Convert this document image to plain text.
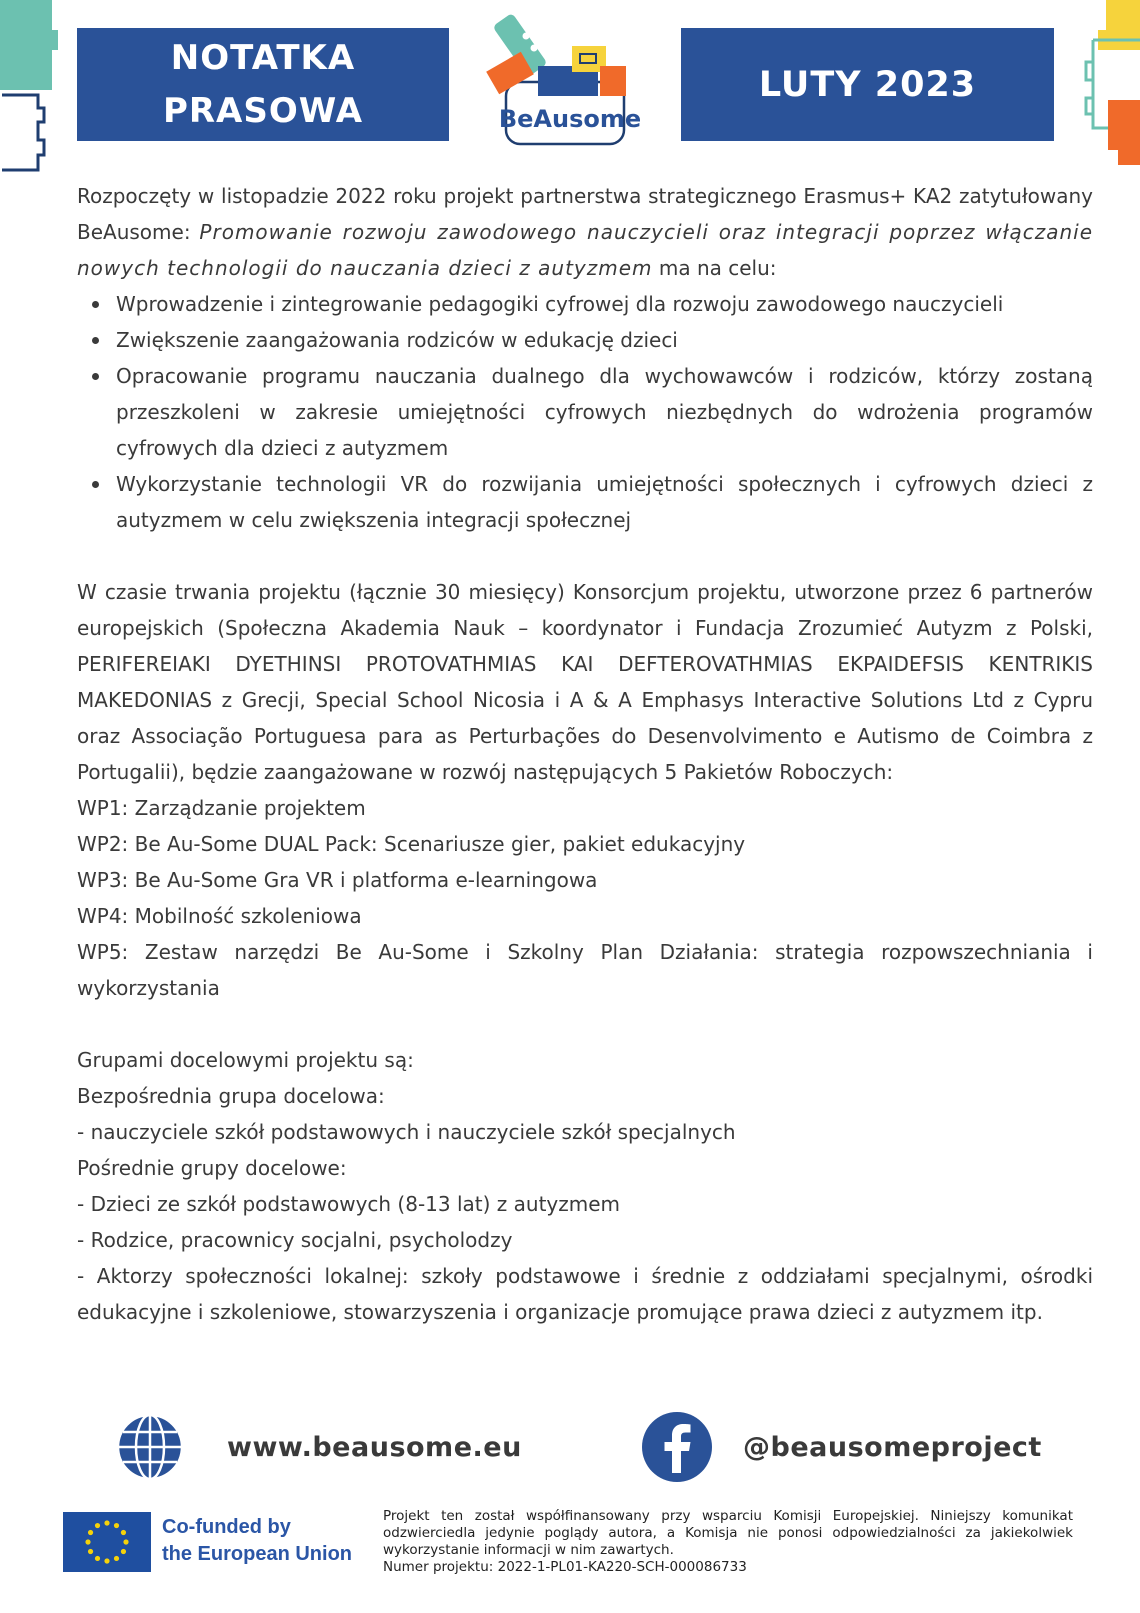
NOTATKA
PRASOWA	BeAusome
LUTY 2023

Rozpoczęty w listopadzie 2022 roku projekt partnerstwa strategicznego Erasmus+ KA2 zatytułowany BeAusome: Promowanie rozwoju zawodowego nauczycieli oraz integracji poprzez włączanie nowych technologii do nauczania dzieci z autyzmem ma na celu:

Wprowadzenie i zintegrowanie pedagogiki cyfrowej dla rozwoju zawodowego nauczycieli
Zwiększenie zaangażowania rodziców w edukację dzieci
Opracowanie programu nauczania dualnego dla wychowawców i rodziców, którzy zostaną przeszkoleni w zakresie umiejętności cyfrowych niezbędnych do wdrożenia programów cyfrowych dla dzieci z autyzmem
Wykorzystanie technologii VR do rozwijania umiejętności społecznych i cyfrowych dzieci z autyzmem w celu zwiększenia integracji społecznej

W czasie trwania projektu (łącznie 30 miesięcy) Konsorcjum projektu, utworzone przez 6 partnerów europejskich (Społeczna Akademia Nauk – koordynator i Fundacja Zrozumieć Autyzm z Polski, PERIFEREIAKI DYETHINSI PROTOVATHMIAS KAI DEFTEROVATHMIAS EKPAIDEFSIS KENTRIKIS MAKEDONIAS z Grecji, Special School Nicosia i A & A Emphasys Interactive Solutions Ltd z Cypru oraz Associação Portuguesa para as Perturbações do Desenvolvimento e Autismo de Coimbra z Portugalii), będzie zaangażowane w rozwój następujących 5 Pakietów Roboczych:

WP1: Zarządzanie projektem

WP2: Be Au-Some DUAL Pack: Scenariusze gier, pakiet edukacyjny

WP3: Be Au-Some Gra VR i platforma e-learningowa

WP4: Mobilność szkoleniowa

WP5: Zestaw narzędzi Be Au-Some i Szkolny Plan Działania: strategia rozpowszechniania i wykorzystania

Grupami docelowymi projektu są:

Bezpośrednia grupa docelowa:

- nauczyciele szkół podstawowych i nauczyciele szkół specjalnych

Pośrednie grupy docelowe:

- Dzieci ze szkół podstawowych (8-13 lat) z autyzmem

- Rodzice, pracownicy socjalni, psycholodzy

- Aktorzy społeczności lokalnej: szkoły podstawowe i średnie z oddziałami specjalnymi, ośrodki edukacyjne i szkoleniowe, stowarzyszenia i organizacje promujące prawa dzieci z autyzmem itp.

www.beausome.eu	@beausomeproject
Co-funded by
the European Union
Projekt ten został współfinansowany przy wsparciu Komisji Europejskiej. Niniejszy komunikat odzwierciedla jedynie poglądy autora, a Komisja nie ponosi odpowiedzialności za jakiekolwiek wykorzystanie informacji w nim zawartych.
Numer projektu: 2022-1-PL01-KA220-SCH-000086733
